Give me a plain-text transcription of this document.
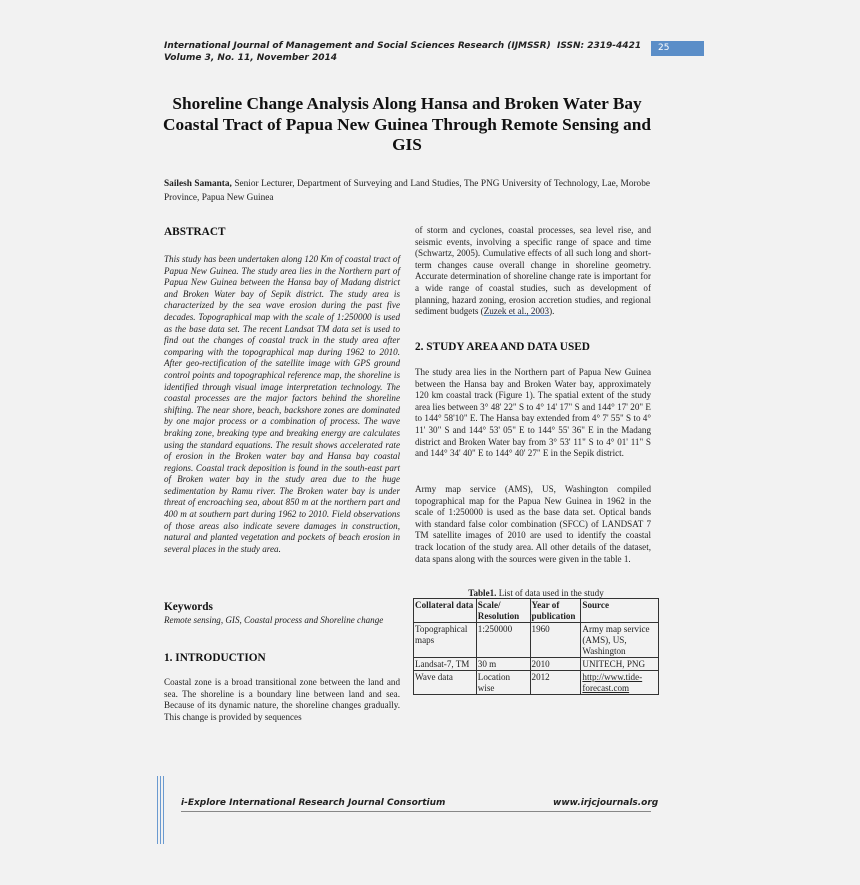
International Journal of Management and Social Sciences Research (IJMSSR) ISSN: 2319-4421
Volume 3, No. 11, November 2014
25
Shoreline Change Analysis Along Hansa and Broken Water Bay Coastal Tract of Papua New Guinea Through Remote Sensing and GIS
Sailesh Samanta, Senior Lecturer, Department of Surveying and Land Studies, The PNG University of Technology, Lae, Morobe Province, Papua New Guinea
ABSTRACT
This study has been undertaken along 120 Km of coastal tract of Papua New Guinea. The study area lies in the Northern part of Papua New Guinea between the Hansa bay of Madang district and Broken Water bay of Sepik district. The study area is characterized by the sea wave erosion during the past five decades. Topographical map with the scale of 1:250000 is used as the base data set. The recent Landsat TM data set is used to find out the changes of coastal track in the study area after comparing with the topographical map during 1962 to 2010. After geo-rectification of the satellite image with GPS ground control points and topographical reference map, the shoreline is identified through visual image interpretation technology. The coastal processes are the major factors behind the shoreline shifting. The near shore, beach, backshore zones are dominated by one major process or a combination of process. The wave braking zone, breaking type and breaking energy are calculates using the standard equations. The result shows accelerated rate of erosion in the Broken water bay and Hansa bay coastal regions. Coastal track deposition is found in the south-east part of Broken water bay in the study area due to the huge sedimentation by Ramu river. The Broken water bay is under threat of encroaching sea, about 850 m at the northern part and 400 m at southern part during 1962 to 2010. Field observations of those areas also indicate severe damages in construction, natural and planted vegetation and pockets of beach erosion in several places in the study area.
Keywords
Remote sensing, GIS, Coastal process and Shoreline change
1. INTRODUCTION
Coastal zone is a broad transitional zone between the land and sea. The shoreline is a boundary line between land and sea. Because of its dynamic nature, the shoreline changes gradually. This change is provided by sequences
of storm and cyclones, coastal processes, sea level rise, and seismic events, involving a specific range of space and time (Schwartz, 2005). Cumulative effects of all such long and short-term changes cause overall change in shoreline geometry. Accurate determination of shoreline change rate is important for a wide range of coastal studies, such as development of planning, hazard zoning, erosion accretion studies, and regional sediment budgets (Zuzek et al., 2003).
2. STUDY AREA AND DATA USED
The study area lies in the Northern part of Papua New Guinea between the Hansa bay and Broken Water bay, approximately 120 km coastal track (Figure 1). The spatial extent of the study area lies between 3° 48' 22" S to 4° 14' 17" S and 144° 17' 20" E to 144° 58'10" E. The Hansa bay extended from 4° 7' 55" S to 4° 11' 30" S and 144° 53' 05" E to 144° 55' 36" E in the Madang district and Broken Water bay from 3° 53' 11" S to 4° 01' 11" S and 144° 34' 40" E to 144° 40' 27" E in the Sepik district.
Army map service (AMS), US, Washington compiled topographical map for the Papua New Guinea in 1962 in the scale of 1:250000 is used as the base data set. Optical bands with standard false color combination (SFCC) of LANDSAT 7 TM satellite images of 2010 are used to identify the coastal track location of the study area. All other details of the dataset, data spans along with the sources were given in the table 1.
Table1. List of data used in the study
Collateral data	Scale/ Resolution	Year of publication	Source
Topographical maps	1:250000	1960	Army map service (AMS), US, Washington
Landsat-7, TM	30 m	2010	UNITECH, PNG
Wave data	Location wise	2012	http://www.tide-forecast.com
i-Explore International Research Journal Consortium	www.irjcjournals.org
